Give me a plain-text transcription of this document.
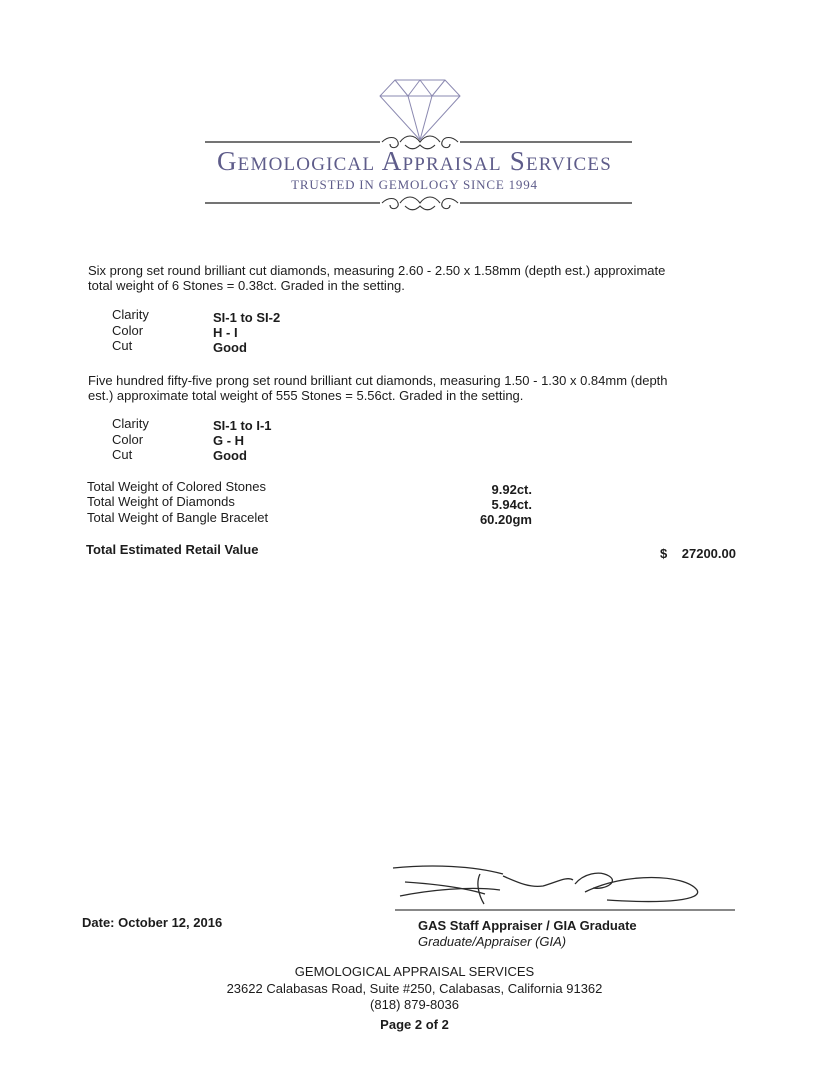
Gemological Appraisal Services
TRUSTED IN GEMOLOGY SINCE 1994
Six prong set round brilliant cut diamonds, measuring 2.60 - 2.50 x 1.58mm (depth est.) approximate
total weight of 6 Stones = 0.38ct. Graded in the setting.
Clarity	SI-1 to SI-2
Color	H - I
Cut	Good
Five hundred fifty-five prong set round brilliant cut diamonds, measuring 1.50 - 1.30 x 0.84mm (depth
est.) approximate total weight of 555 Stones = 5.56ct. Graded in the setting.
Clarity	SI-1 to I-1
Color	G - H
Cut	Good
Total Weight of Colored Stones	9.92ct.
Total Weight of Diamonds	5.94ct.
Total Weight of Bangle Bracelet	60.20gm
Total Estimated Retail Value	$ 27200.00
Date: October 12, 2016	GAS Staff Appraiser / GIA Graduate
Graduate/Appraiser (GIA)
GEMOLOGICAL APPRAISAL SERVICES
23622 Calabasas Road, Suite #250, Calabasas, California 91362
(818) 879-8036
Page 2 of 2
